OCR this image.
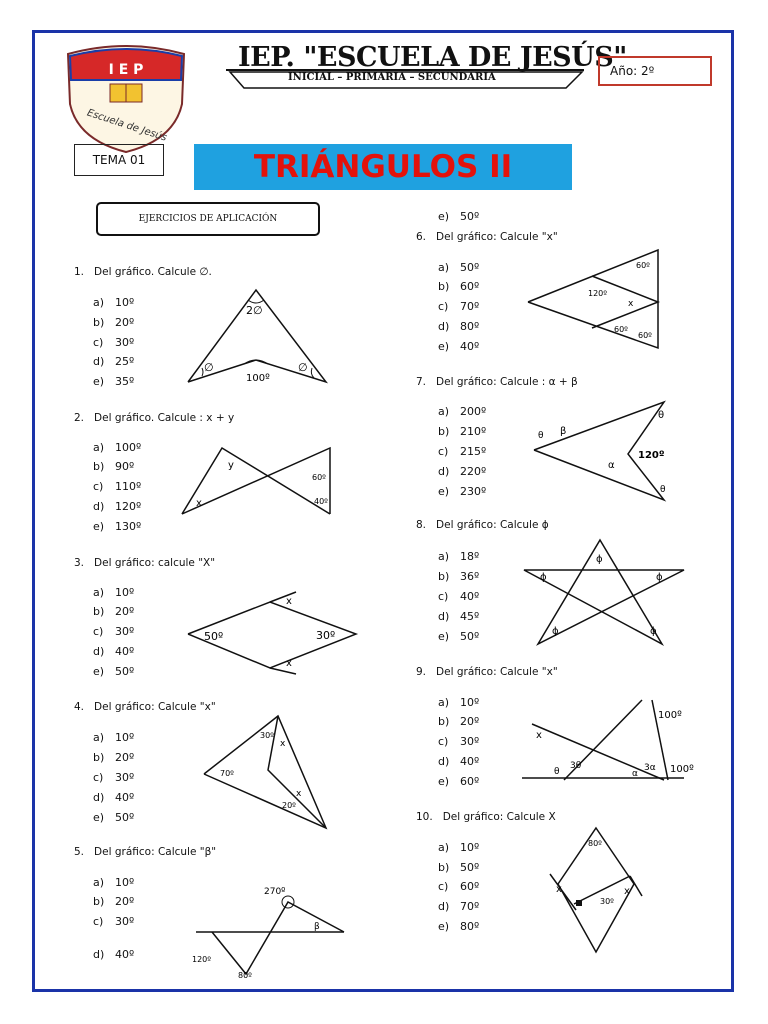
I E P
Escuela de Jesús
IEP. "ESCUELA DE JESÚS"
INICIAL – PRIMARIA – SECUNDARIA	Año: 2º
TEMA 01	TRIÁNGULOS II
EJERCICIOS DE APLICACIÓN
1. Del gráfico. Calcule ∅.
a) 10º
b) 20º
c) 30º
d) 25º
e) 35º
2∅
∅	∅
100º
2. Del gráfico. Calcule : x + y
a) 100º
b) 90º
c) 110º
d) 120º
e) 130º
y
x
60º
40º
3. Del gráfico: calcule "X"
a) 10º
b) 20º
c) 30º
d) 40º
e) 50º
50º	30º
x
x
4. Del gráfico: Calcule "x"
a) 10º
b) 20º
c) 30º
d) 40º
e) 50º
30º
x
70º
20º
x
5. Del gráfico: Calcule "β"
a) 10º
b) 20º
c) 30º
d) 40º
270º
β
120º
80º
e) 50º
6. Del gráfico: Calcule "x"
a) 50º
b) 60º
c) 70º
d) 80º
e) 40º
60º
120º
x
60º
60º
7. Del gráfico: Calcule : α + β
a) 200º
b) 210º
c) 215º
d) 220º
e) 230º
θ β
θ
120º
α
θ
8. Del gráfico: Calcule ϕ
a) 18º
b) 36º
c) 40º
d) 45º
e) 50º
ϕ
ϕ	ϕ
ϕ	ϕ
9. Del gráfico: Calcule "x"
a) 10º
b) 20º
c) 30º
d) 40º
e) 60º
100º
x
θ
3θ	3α
α	100º
10. Del gráfico: Calcule X
a) 10º
b) 50º
c) 60º
d) 70º
e) 80º
80º
x
30º
x
